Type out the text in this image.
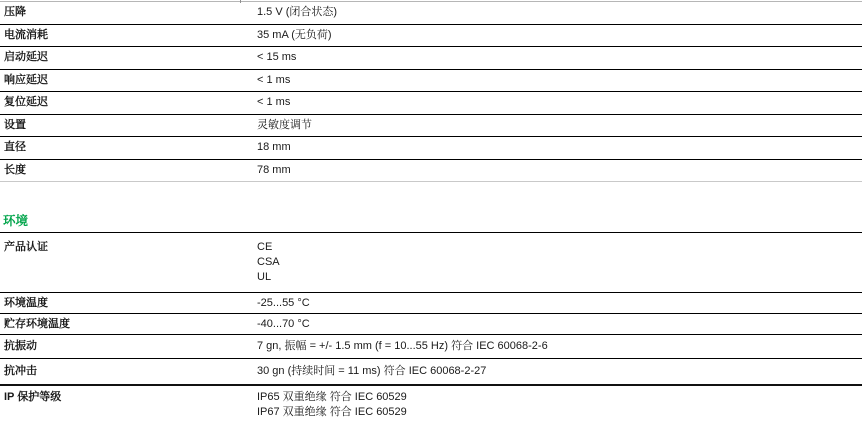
压降	1.5 V (闭合状态)
电流消耗	35 mA (无负荷)
启动延迟	< 15 ms
响应延迟	< 1 ms
复位延迟	< 1 ms
设置	灵敏度调节
直径	18 mm
长度	78 mm
环境
产品认证	CE
CSA
UL
环境温度	-25...55 °C
贮存环境温度	-40...70 °C
抗振动	7 gn, 振幅 = +/- 1.5 mm (f = 10...55 Hz) 符合 IEC 60068-2-6
抗冲击	30 gn (持续时间 = 11 ms) 符合 IEC 60068-2-27
IP 保护等级	IP65 双重绝缘 符合 IEC 60529
IP67 双重绝缘 符合 IEC 60529
